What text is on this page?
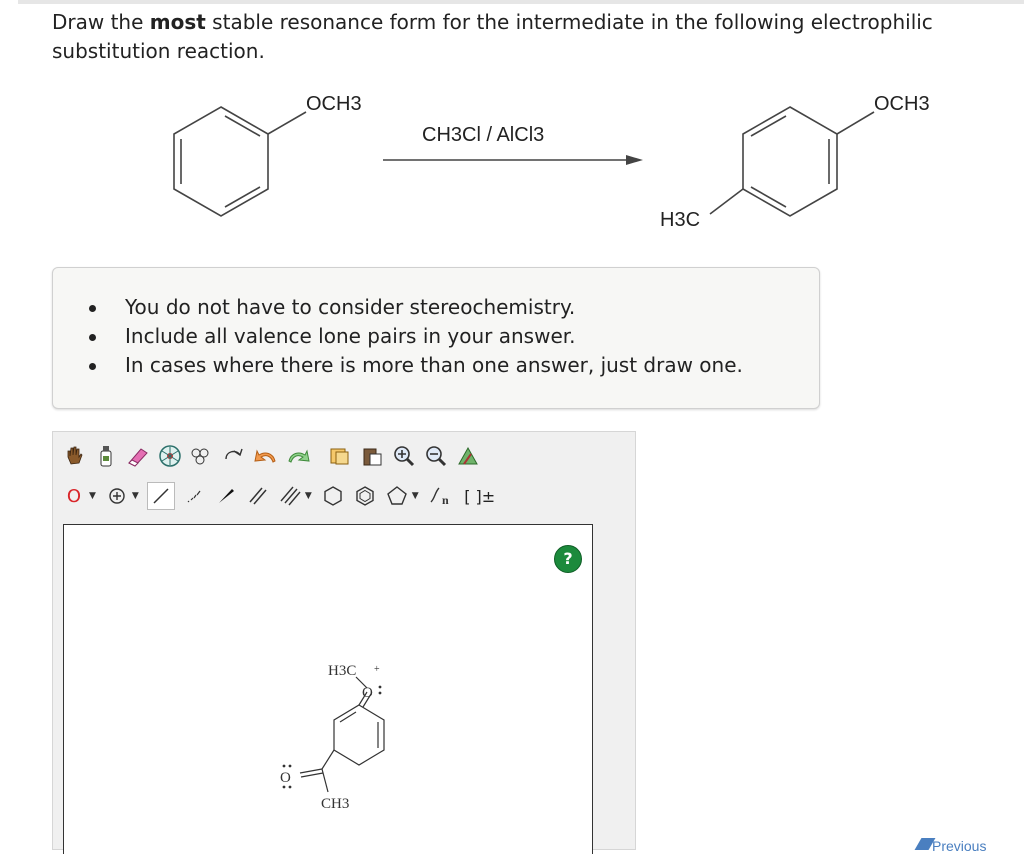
Draw the most stable resonance form for the intermediate in the following electrophilic substitution reaction.
OCH3
CH3Cl / AlCl3
OCH3
H3C
You do not have to consider stereochemistry.
Include all valence lone pairs in your answer.
In cases where there is more than one answer, just draw one.
O ▼	▼	▼	▼ n [ ]±
?
H3C +
O
O
CH3
Previous
